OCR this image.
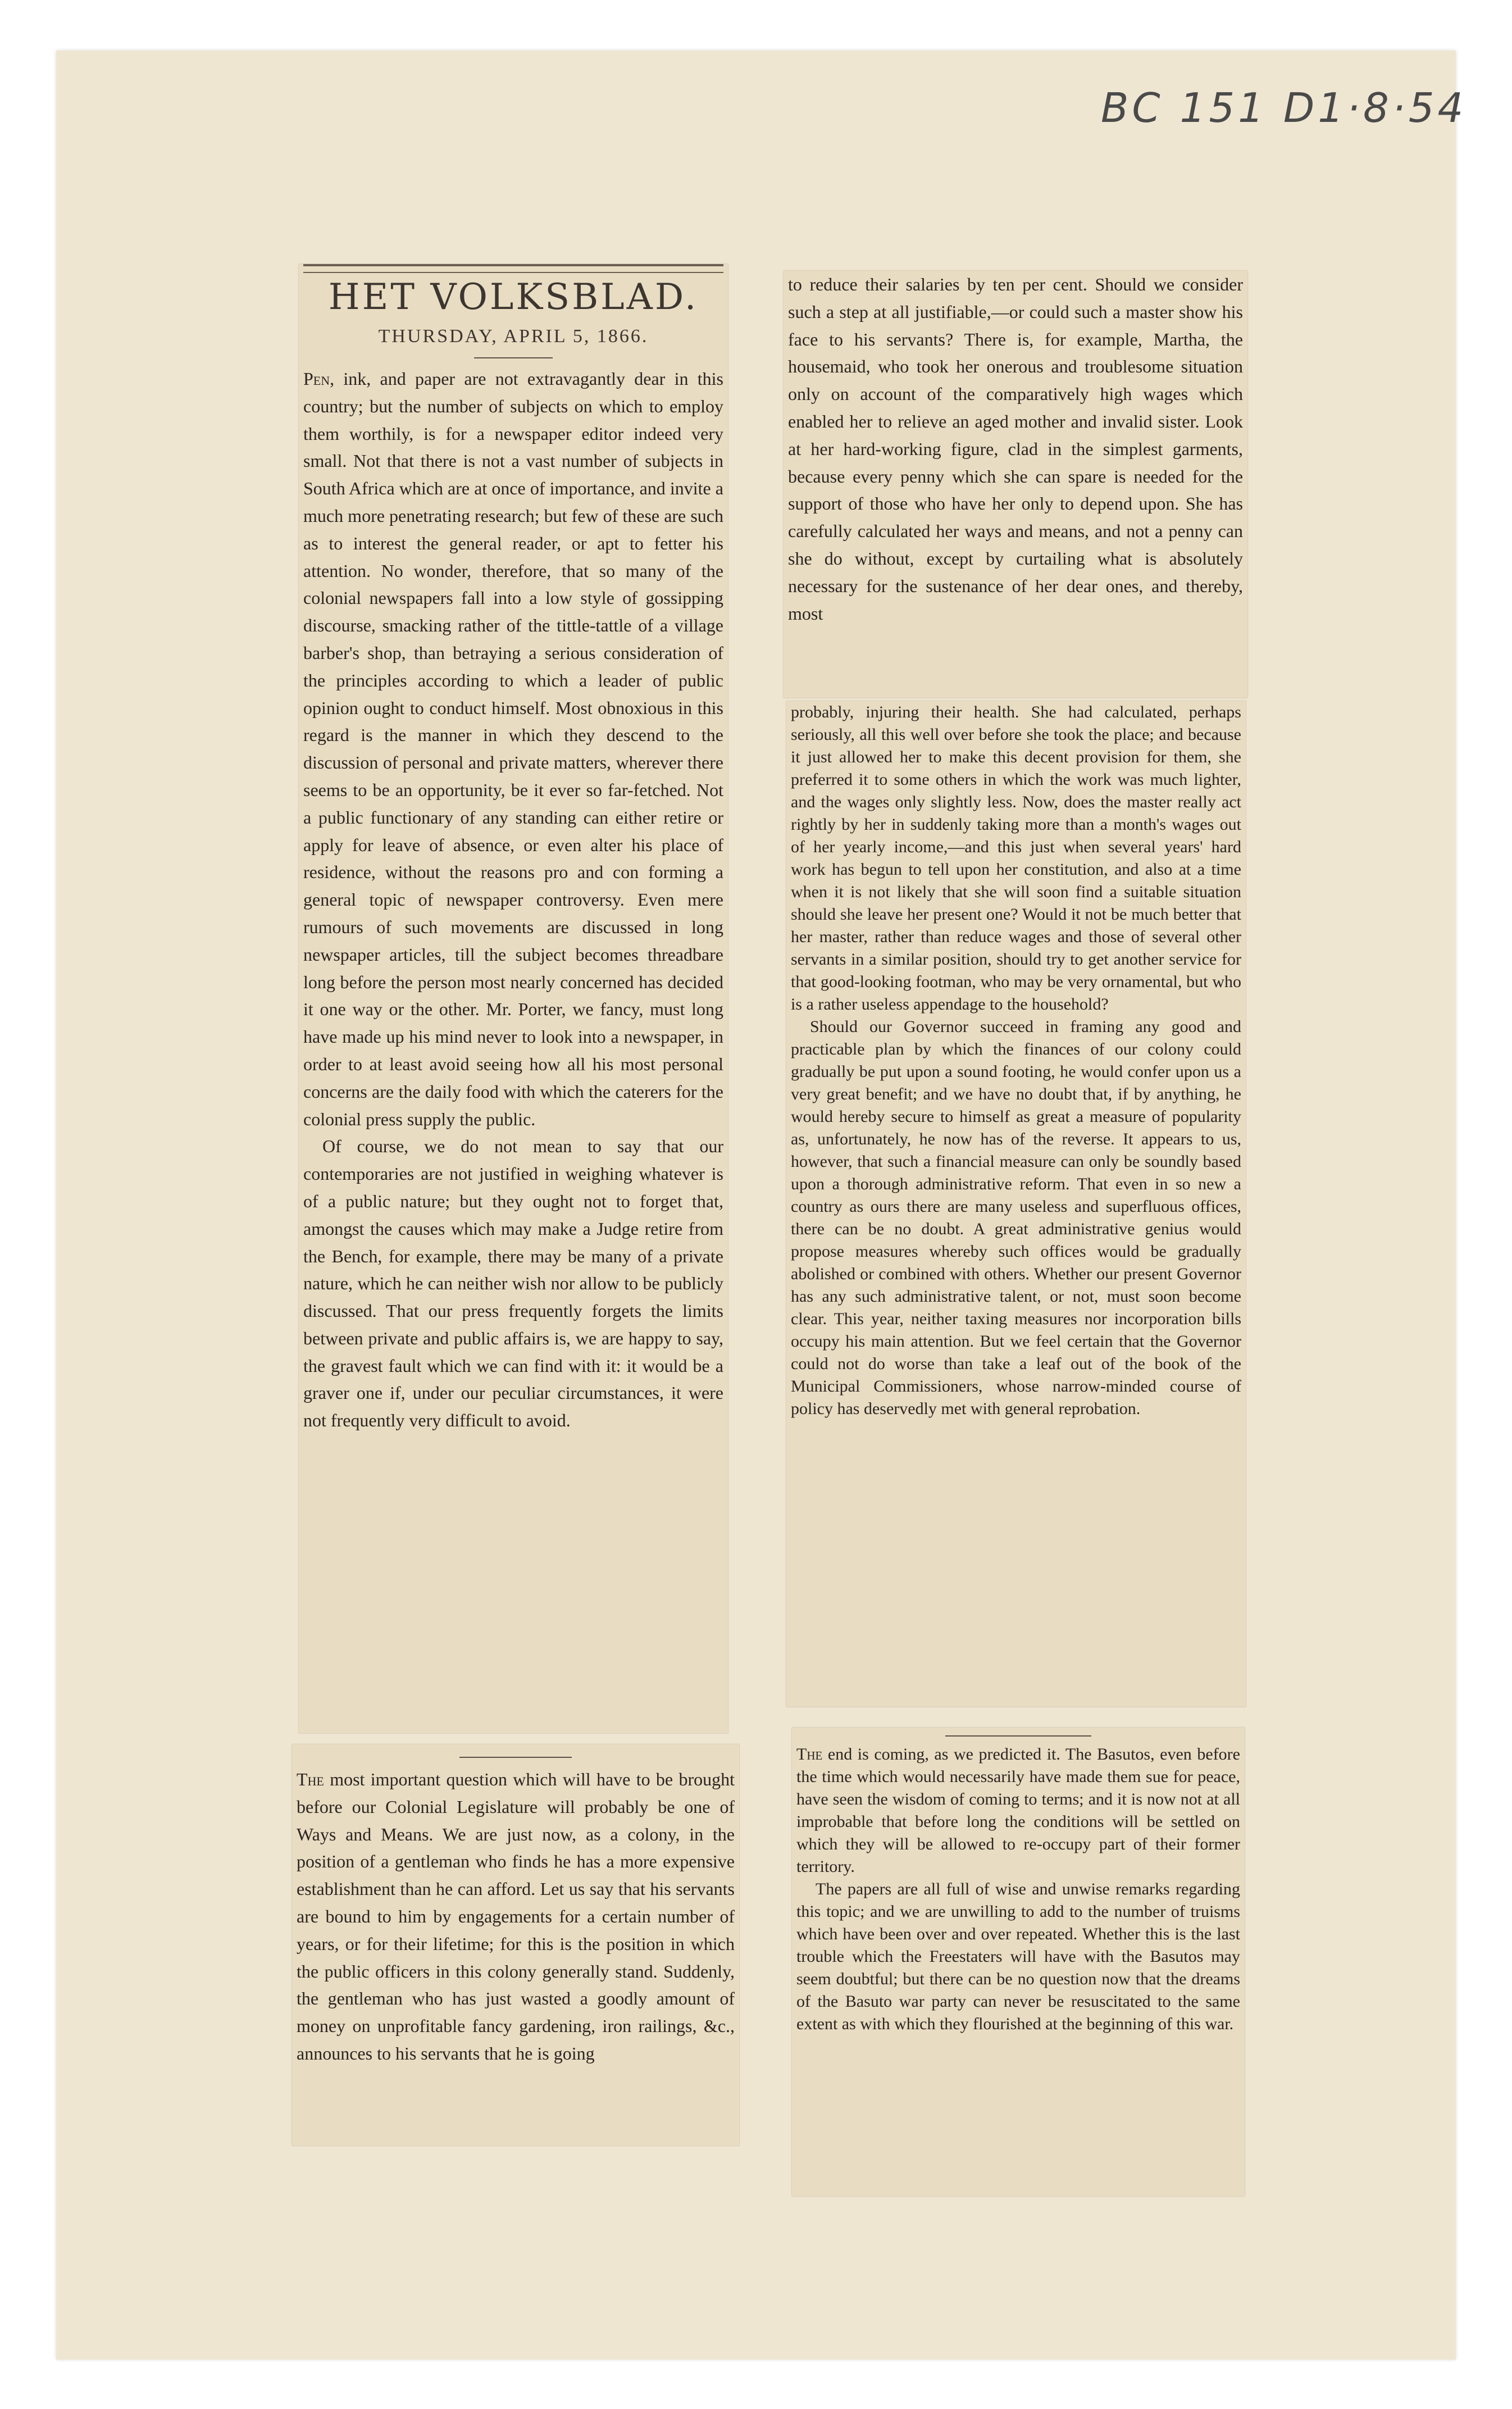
BC 151 D1·8·54
HET VOLKSBLAD.
THURSDAY, APRIL 5, 1866.

Pen, ink, and paper are not extravagantly dear in this country; but the number of subjects on which to employ them worthily, is for a newspaper editor indeed very small. Not that there is not a vast number of subjects in South Africa which are at once of importance, and invite a much more penetrating research; but few of these are such as to interest the general reader, or apt to fetter his attention. No wonder, therefore, that so many of the colonial newspapers fall into a low style of gossipping discourse, smacking rather of the tittle-tattle of a village barber's shop, than betraying a serious consideration of the principles according to which a leader of public opinion ought to conduct himself. Most obnoxious in this regard is the manner in which they descend to the discussion of personal and private matters, wherever there seems to be an opportunity, be it ever so far-fetched. Not a public functionary of any standing can either retire or apply for leave of absence, or even alter his place of residence, without the reasons pro and con forming a general topic of newspaper controversy. Even mere rumours of such movements are discussed in long newspaper articles, till the subject becomes threadbare long before the person most nearly concerned has decided it one way or the other. Mr. Porter, we fancy, must long have made up his mind never to look into a newspaper, in order to at least avoid seeing how all his most personal concerns are the daily food with which the caterers for the colonial press supply the public.

Of course, we do not mean to say that our contemporaries are not justified in weighing whatever is of a public nature; but they ought not to forget that, amongst the causes which may make a Judge retire from the Bench, for example, there may be many of a private nature, which he can neither wish nor allow to be publicly discussed. That our press frequently forgets the limits between private and public affairs is, we are happy to say, the gravest fault which we can find with it: it would be a graver one if, under our peculiar circumstances, it were not frequently very difficult to avoid.

The most important question which will have to be brought before our Colonial Legislature will probably be one of Ways and Means. We are just now, as a colony, in the position of a gentleman who finds he has a more expensive establishment than he can afford. Let us say that his servants are bound to him by engagements for a certain number of years, or for their lifetime; for this is the position in which the public officers in this colony generally stand. Suddenly, the gentleman who has just wasted a goodly amount of money on unprofitable fancy gardening, iron railings, &c., announces to his servants that he is going

to reduce their salaries by ten per cent. Should we consider such a step at all justifiable,—or could such a master show his face to his servants? There is, for example, Martha, the housemaid, who took her onerous and troublesome situation only on account of the comparatively high wages which enabled her to relieve an aged mother and invalid sister. Look at her hard-working figure, clad in the simplest garments, because every penny which she can spare is needed for the support of those who have her only to depend upon. She has carefully calculated her ways and means, and not a penny can she do without, except by curtailing what is absolutely necessary for the sustenance of her dear ones, and thereby, most

probably, injuring their health. She had calculated, perhaps seriously, all this well over before she took the place; and because it just allowed her to make this decent provision for them, she preferred it to some others in which the work was much lighter, and the wages only slightly less. Now, does the master really act rightly by her in suddenly taking more than a month's wages out of her yearly income,—and this just when several years' hard work has begun to tell upon her constitution, and also at a time when it is not likely that she will soon find a suitable situation should she leave her present one? Would it not be much better that her master, rather than reduce wages and those of several other servants in a similar position, should try to get another service for that good-looking footman, who may be very ornamental, but who is a rather useless appendage to the household?

Should our Governor succeed in framing any good and practicable plan by which the finances of our colony could gradually be put upon a sound footing, he would confer upon us a very great benefit; and we have no doubt that, if by anything, he would hereby secure to himself as great a measure of popularity as, unfortunately, he now has of the reverse. It appears to us, however, that such a financial measure can only be soundly based upon a thorough administrative reform. That even in so new a country as ours there are many useless and superfluous offices, there can be no doubt. A great administrative genius would propose measures whereby such offices would be gradually abolished or combined with others. Whether our present Governor has any such administrative talent, or not, must soon become clear. This year, neither taxing measures nor incorporation bills occupy his main attention. But we feel certain that the Governor could not do worse than take a leaf out of the book of the Municipal Commissioners, whose narrow-minded course of policy has deservedly met with general reprobation.

The end is coming, as we predicted it. The Basutos, even before the time which would necessarily have made them sue for peace, have seen the wisdom of coming to terms; and it is now not at all improbable that before long the conditions will be settled on which they will be allowed to re-occupy part of their former territory.

The papers are all full of wise and unwise remarks regarding this topic; and we are unwilling to add to the number of truisms which have been over and over repeated. Whether this is the last trouble which the Freestaters will have with the Basutos may seem doubtful; but there can be no question now that the dreams of the Basuto war party can never be resuscitated to the same extent as with which they flourished at the beginning of this war.
